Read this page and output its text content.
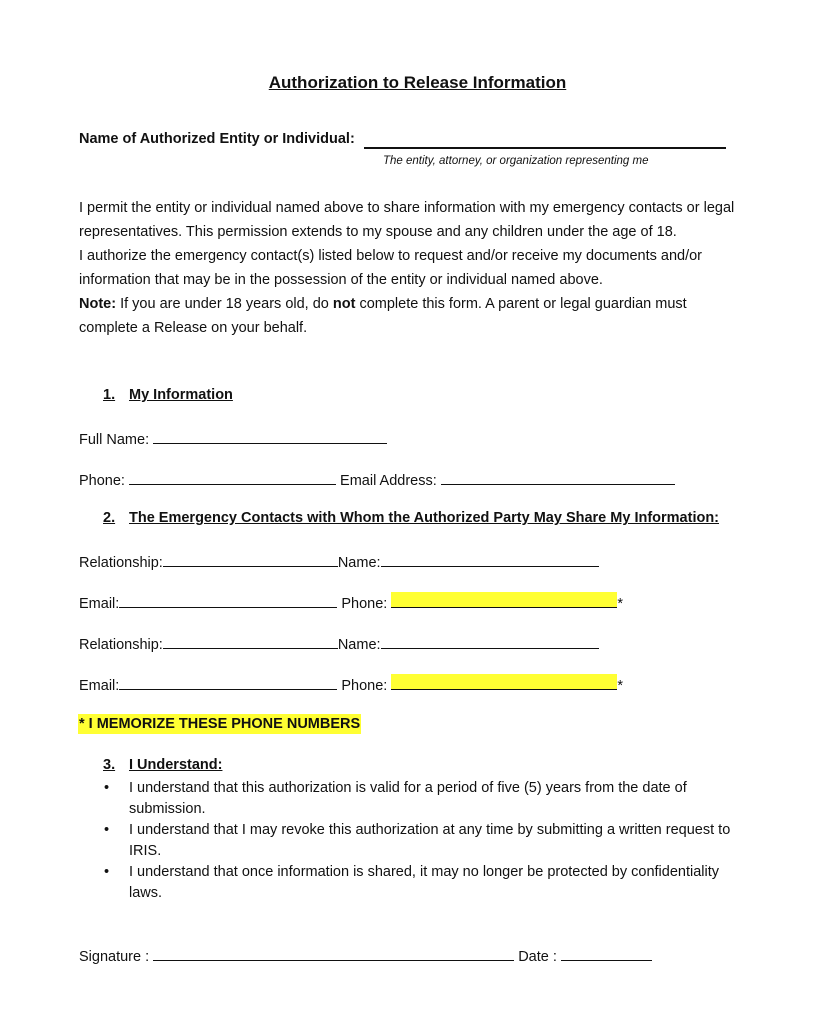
Authorization to Release Information
Name of Authorized Entity or Individual:
The entity, attorney, or organization representing me

I permit the entity or individual named above to share information with my emergency contacts or legal representatives. This permission extends to my spouse and any children under the age of 18.

I authorize the emergency contact(s) listed below to request and/or receive my documents and/or information that may be in the possession of the entity or individual named above.

Note: If you are under 18 years old, do not complete this form. A parent or legal guardian must complete a Release on your behalf.

1. My Information
Full Name:
Phone:	Email Address:
2. The Emergency Contacts with Whom the Authorized Party May Share My Information:
Relationship:	Name:
Email:	Phone:	*
Relationship:	Name:
Email:	Phone:	*
* I MEMORIZE THESE PHONE NUMBERS
3. I Understand:
• I understand that this authorization is valid for a period of five (5) years from the date of submission.
• I understand that I may revoke this authorization at any time by submitting a written request to IRIS.
• I understand that once information is shared, it may no longer be protected by confidentiality laws.
Signature :	Date :
